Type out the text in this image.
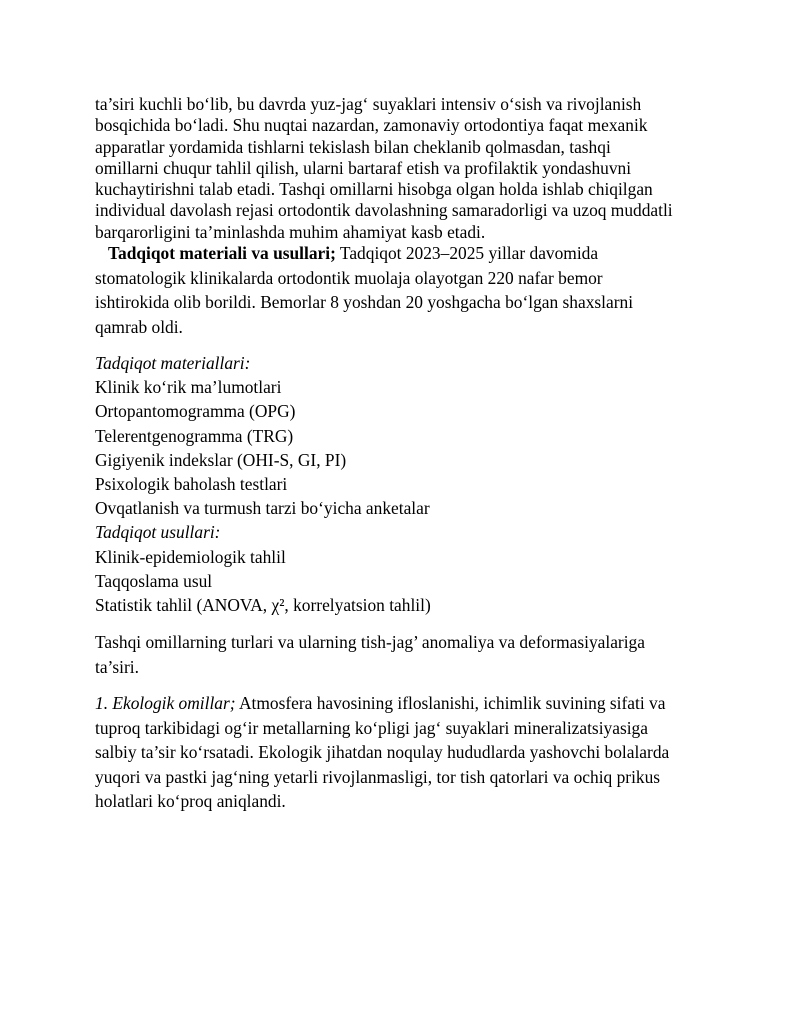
ta’siri kuchli bo‘lib, bu davrda yuz-jag‘ suyaklari intensiv o‘sish va rivojlanish
bosqichida bo‘ladi. Shu nuqtai nazardan, zamonaviy ortodontiya faqat mexanik
apparatlar yordamida tishlarni tekislash bilan cheklanib qolmasdan, tashqi
omillarni chuqur tahlil qilish, ularni bartaraf etish va profilaktik yondashuvni
kuchaytirishni talab etadi. Tashqi omillarni hisobga olgan holda ishlab chiqilgan
individual davolash rejasi ortodontik davolashning samaradorligi va uzoq muddatli
barqarorligini ta’minlashda muhim ahamiyat kasb etadi.
Tadqiqot materiali va usullari; Tadqiqot 2023–2025 yillar davomida
stomatologik klinikalarda ortodontik muolaja olayotgan 220 nafar bemor
ishtirokida olib borildi. Bemorlar 8 yoshdan 20 yoshgacha bo‘lgan shaxslarni
qamrab oldi.
Tadqiqot materiallari:
Klinik ko‘rik ma’lumotlari
Ortopantomogramma (OPG)
Telerentgenogramma (TRG)
Gigiyenik indekslar (OHI-S, GI, PI)
Psixologik baholash testlari
Ovqatlanish va turmush tarzi bo‘yicha anketalar
Tadqiqot usullari:
Klinik-epidemiologik tahlil
Taqqoslama usul
Statistik tahlil (ANOVA, χ², korrelyatsion tahlil)
Tashqi omillarning turlari va ularning tish-jag’ anomaliya va deformasiyalariga
ta’siri.
1. Ekologik omillar; Atmosfera havosining ifloslanishi, ichimlik suvining sifati va
tuproq tarkibidagi og‘ir metallarning ko‘pligi jag‘ suyaklari mineralizatsiyasiga
salbiy ta’sir ko‘rsatadi. Ekologik jihatdan noqulay hududlarda yashovchi bolalarda
yuqori va pastki jag‘ning yetarli rivojlanmasligi, tor tish qatorlari va ochiq prikus
holatlari ko‘proq aniqlandi.
